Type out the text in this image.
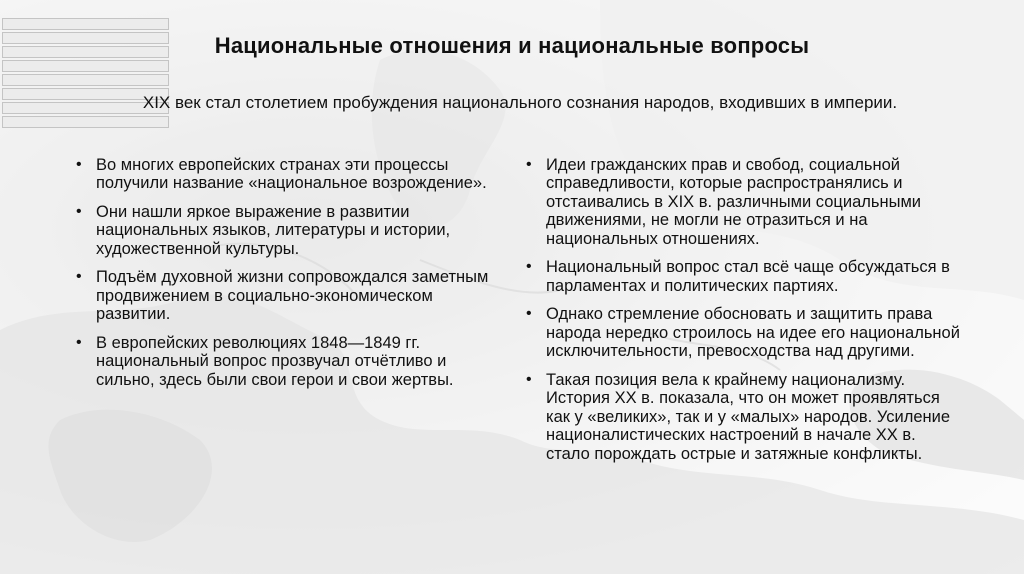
Национальные отношения и национальные вопросы
XIX век стал столетием пробуждения национального сознания народов, входивших в империи.
• Во многих европейских странах эти процессы получили название «национальное возрождение».
• Они нашли яркое выражение в развитии национальных языков, литературы и истории, художественной культуры.
• Подъём духовной жизни сопровождался заметным продвижением в социально-экономическом развитии.
• В европейских революциях 1848—1849 гг. национальный вопрос прозвучал отчётливо и сильно, здесь были свои герои и свои жертвы.
• Идеи гражданских прав и свобод, социальной справедливости, которые распространялись и отстаивались в XIX в. различными социальными движениями, не могли не отразиться и на национальных отношениях.
• Национальный вопрос стал всё чаще обсуждаться в парламентах и политических партиях.
• Однако стремление обосновать и защитить права народа нередко строилось на идее его национальной исключительности, превосходства над другими.
• Такая позиция вела к крайнему национализму. История XX в. показала, что он может проявляться как у «великих», так и у «малых» народов. Усиление националистических настроений в начале XX в. стало порождать острые и затяжные конфликты.
